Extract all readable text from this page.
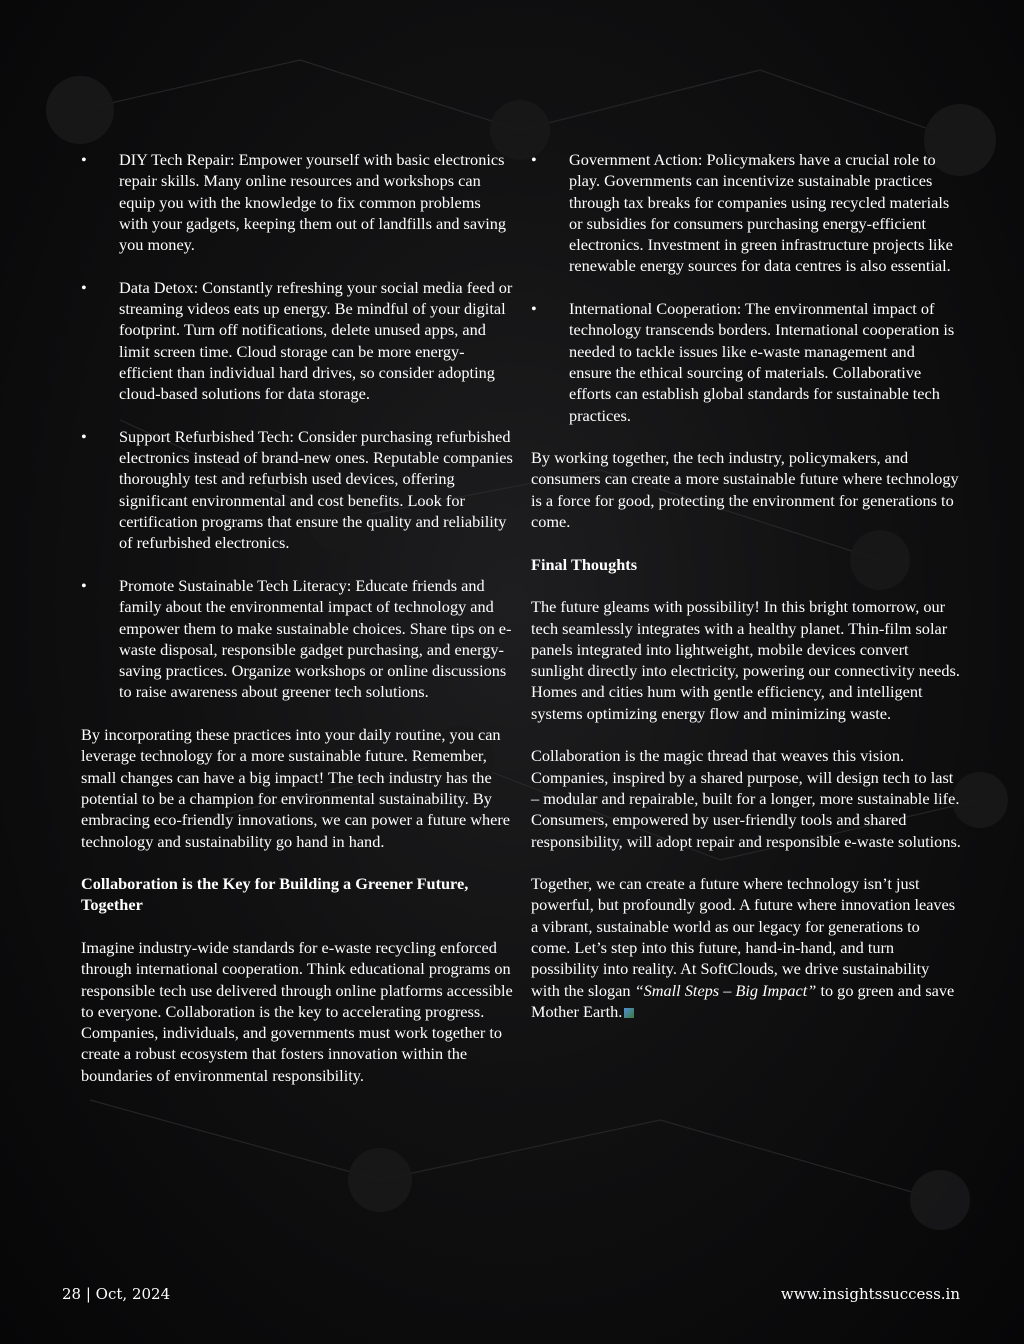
• DIY Tech Repair: Empower yourself with basic electronics repair skills. Many online resources and workshops can equip you with the knowledge to fix common problems with your gadgets, keeping them out of landfills and saving you money.
• Data Detox: Constantly refreshing your social media feed or streaming videos eats up energy. Be mindful of your digital footprint. Turn off notifications, delete unused apps, and limit screen time. Cloud storage can be more energy-efficient than individual hard drives, so consider adopting cloud-based solutions for data storage.
• Support Refurbished Tech: Consider purchasing refurbished electronics instead of brand-new ones. Reputable companies thoroughly test and refurbish used devices, offering significant environmental and cost benefits. Look for certification programs that ensure the quality and reliability of refurbished electronics.
• Promote Sustainable Tech Literacy: Educate friends and family about the environmental impact of technology and empower them to make sustainable choices. Share tips on e-waste disposal, responsible gadget purchasing, and energy-saving practices. Organize workshops or online discussions to raise awareness about greener tech solutions.

By incorporating these practices into your daily routine, you can leverage technology for a more sustainable future. Remember, small changes can have a big impact! The tech industry has the potential to be a champion for environmental sustainability. By embracing eco-friendly innovations, we can power a future where technology and sustainability go hand in hand.

Collaboration is the Key for Building a Greener Future, Together

Imagine industry-wide standards for e-waste recycling enforced through international cooperation. Think educational programs on responsible tech use delivered through online platforms accessible to everyone. Collaboration is the key to accelerating progress. Companies, individuals, and governments must work together to create a robust ecosystem that fosters innovation within the boundaries of environmental responsibility.

• Government Action: Policymakers have a crucial role to play. Governments can incentivize sustainable practices through tax breaks for companies using recycled materials or subsidies for consumers purchasing energy-efficient electronics. Investment in green infrastructure projects like renewable energy sources for data centres is also essential.
• International Cooperation: The environmental impact of technology transcends borders. International cooperation is needed to tackle issues like e-waste management and ensure the ethical sourcing of materials. Collaborative efforts can establish global standards for sustainable tech practices.

By working together, the tech industry, policymakers, and consumers can create a more sustainable future where technology is a force for good, protecting the environment for generations to come.

Final Thoughts

The future gleams with possibility! In this bright tomorrow, our tech seamlessly integrates with a healthy planet. Thin-film solar panels integrated into lightweight, mobile devices convert sunlight directly into electricity, powering our connectivity needs. Homes and cities hum with gentle efficiency, and intelligent systems optimizing energy flow and minimizing waste.

Collaboration is the magic thread that weaves this vision. Companies, inspired by a shared purpose, will design tech to last – modular and repairable, built for a longer, more sustainable life. Consumers, empowered by user-friendly tools and shared responsibility, will adopt repair and responsible e-waste solutions.

Together, we can create a future where technology isn’t just powerful, but profoundly good. A future where innovation leaves a vibrant, sustainable world as our legacy for generations to come. Let’s step into this future, hand-in-hand, and turn possibility into reality. At SoftClouds, we drive sustainability with the slogan “Small Steps – Big Impact” to go green and save Mother Earth.

28 | Oct, 2024	www.insightssuccess.in
